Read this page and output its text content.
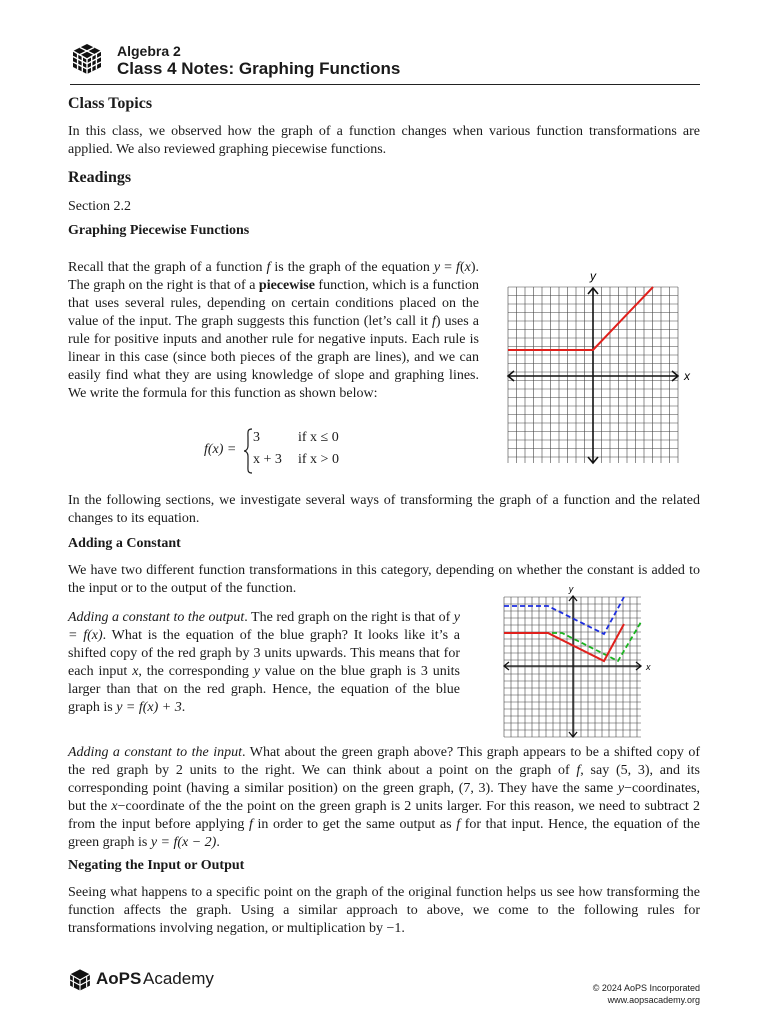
Algebra 2
Class 4 Notes: Graphing Functions
Class Topics
In this class, we observed how the graph of a function changes when various function transformations are applied. We also reviewed graphing piecewise functions.
Readings
Section 2.2
Graphing Piecewise Functions
Recall that the graph of a function f is the graph of the equation y = f(x). The graph on the right is that of a piecewise function, which is a function that uses several rules, depending on certain conditions placed on the value of the input. The graph suggests this function (let’s call it f) uses a rule for positive inputs and another rule for negative inputs. Each rule is linear in this case (since both pieces of the graph are lines), and we can easily find what they are using knowledge of slope and graphing lines. We write the formula for this function as shown below:
f(x) =
3	if x ≤ 0
x + 3 if x > 0
y
x
In the following sections, we investigate several ways of transforming the graph of a function and the related changes to its equation.
Adding a Constant
We have two different function transformations in this category, depending on whether the constant is added to the input or to the output of the function.
Adding a constant to the output. The red graph on the right is that of y = f(x). What is the equation of the blue graph? It looks like it’s a shifted copy of the red graph by 3 units upwards. This means that for each input x, the corresponding y value on the blue graph is 3 units larger than that on the red graph. Hence, the equation of the blue graph is y = f(x) + 3.
y
x
Adding a constant to the input. What about the green graph above? This graph appears to be a shifted copy of the red graph by 2 units to the right. We can think about a point on the graph of f, say (5, 3), and its corresponding point (having a similar position) on the green graph, (7, 3). They have the same y−coordinates, but the x−coordinate of the the point on the green graph is 2 units larger. For this reason, we need to subtract 2 from the input before applying f in order to get the same output as f for that input. Hence, the equation of the green graph is y = f(x − 2).
Negating the Input or Output
Seeing what happens to a specific point on the graph of the original function helps us see how transforming the function affects the graph. Using a similar approach to above, we come to the following rules for transformations involving negation, or multiplication by −1.
AoPS Academy	© 2024 AoPS Incorporated
www.aopsacademy.org
